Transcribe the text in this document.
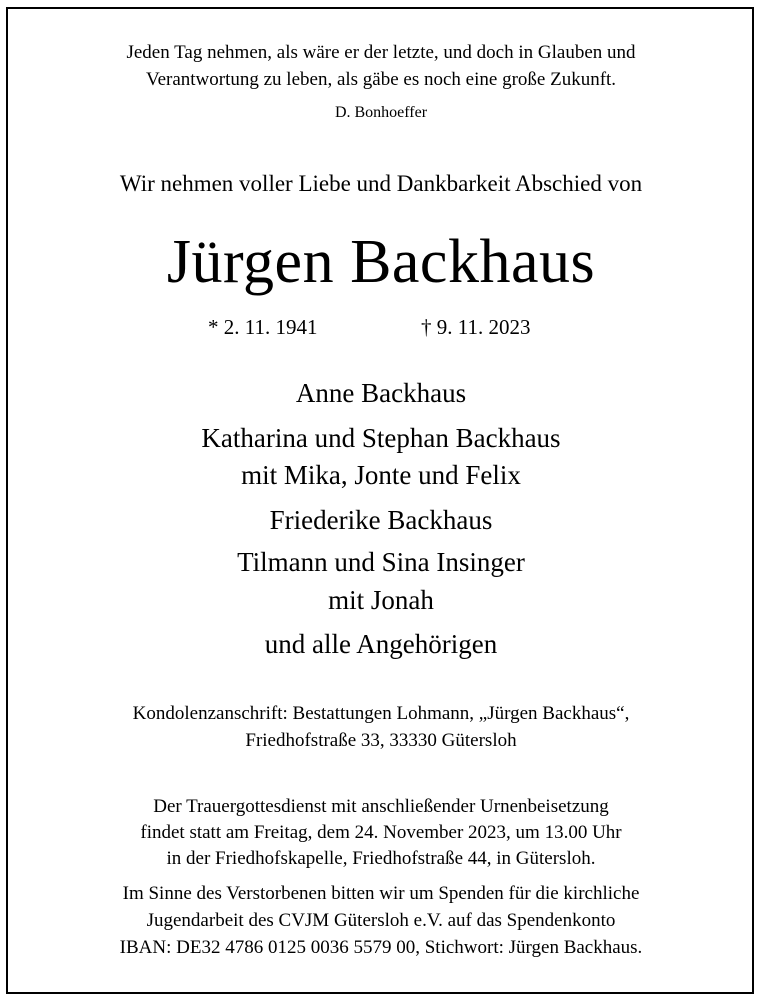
Jeden Tag nehmen, als wäre er der letzte, und doch in Glauben und
Verantwortung zu leben, als gäbe es noch eine große Zukunft.
D. Bonhoeffer
Wir nehmen voller Liebe und Dankbarkeit Abschied von
Jürgen Backhaus
* 2. 11. 1941	† 9. 11. 2023
Anne Backhaus
Katharina und Stephan Backhaus
mit Mika, Jonte und Felix
Friederike Backhaus
Tilmann und Sina Insinger
mit Jonah
und alle Angehörigen
Kondolenzanschrift: Bestattungen Lohmann, „Jürgen Backhaus“,
Friedhofstraße 33, 33330 Gütersloh
Der Trauergottesdienst mit anschließender Urnenbeisetzung
findet statt am Freitag, dem 24. November 2023, um 13.00 Uhr
in der Friedhofskapelle, Friedhofstraße 44, in Gütersloh.
Im Sinne des Verstorbenen bitten wir um Spenden für die kirchliche
Jugendarbeit des CVJM Gütersloh e.V. auf das Spendenkonto
IBAN: DE32 4786 0125 0036 5579 00, Stichwort: Jürgen Backhaus.
